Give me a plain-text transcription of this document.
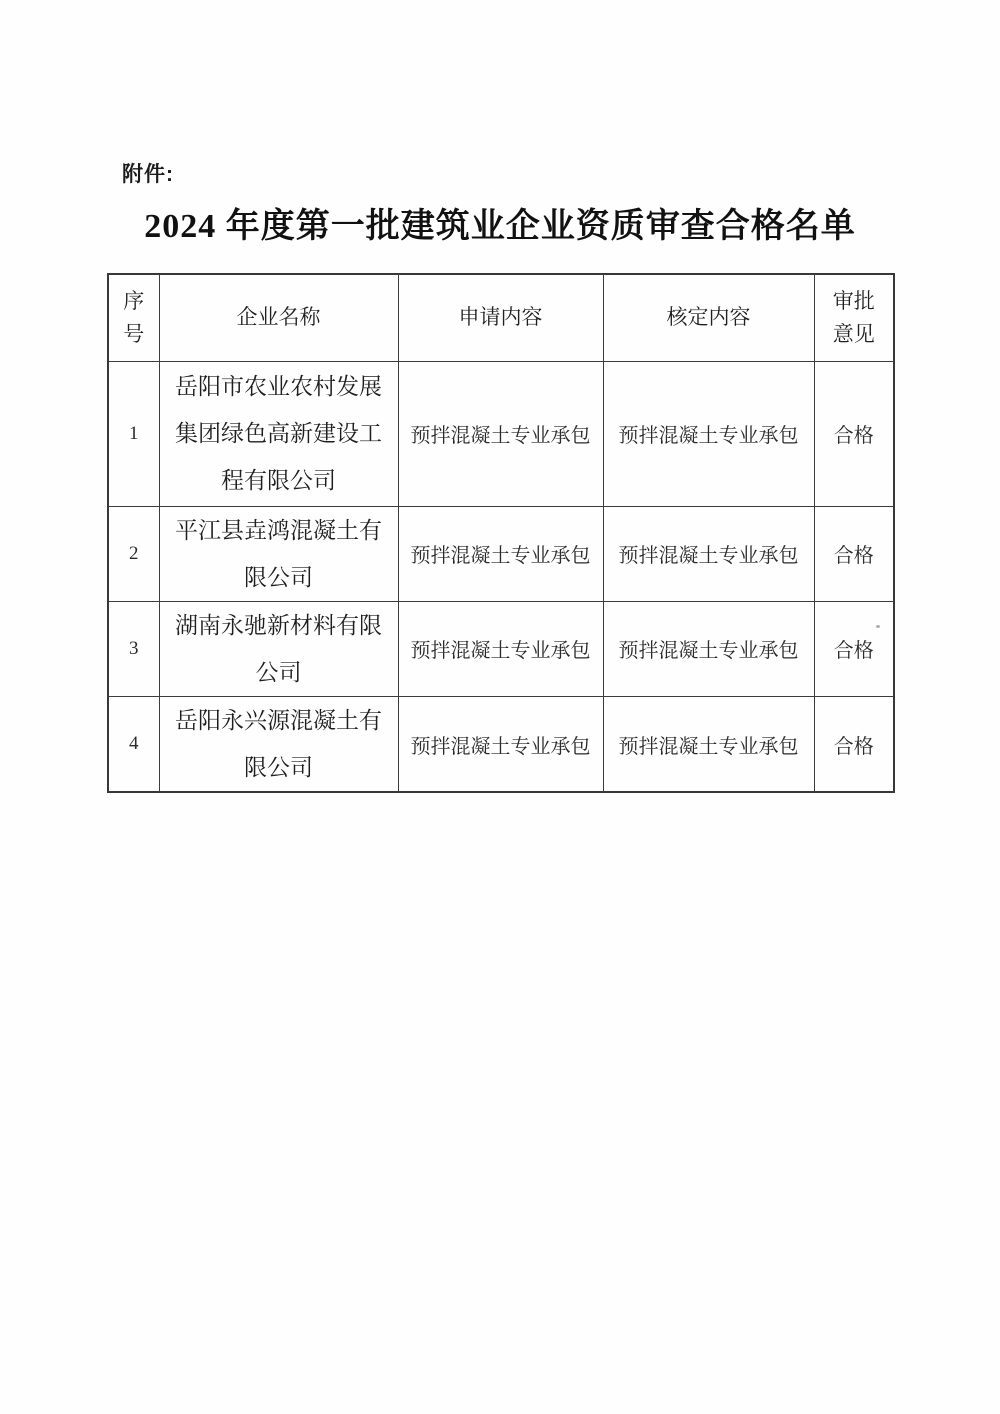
附件:
2024 年度第一批建筑业企业资质审查合格名单
序号	企业名称	申请内容	核定内容	审批意见

1	岳阳市农业农村发展集团绿色高新建设工程有限公司	预拌混凝土专业承包	预拌混凝土专业承包	合格
2	平江县垚鸿混凝土有限公司	预拌混凝土专业承包	预拌混凝土专业承包	合格
3	湖南永驰新材料有限公司	预拌混凝土专业承包	预拌混凝土专业承包	合格
4	岳阳永兴源混凝土有限公司	预拌混凝土专业承包	预拌混凝土专业承包	合格
